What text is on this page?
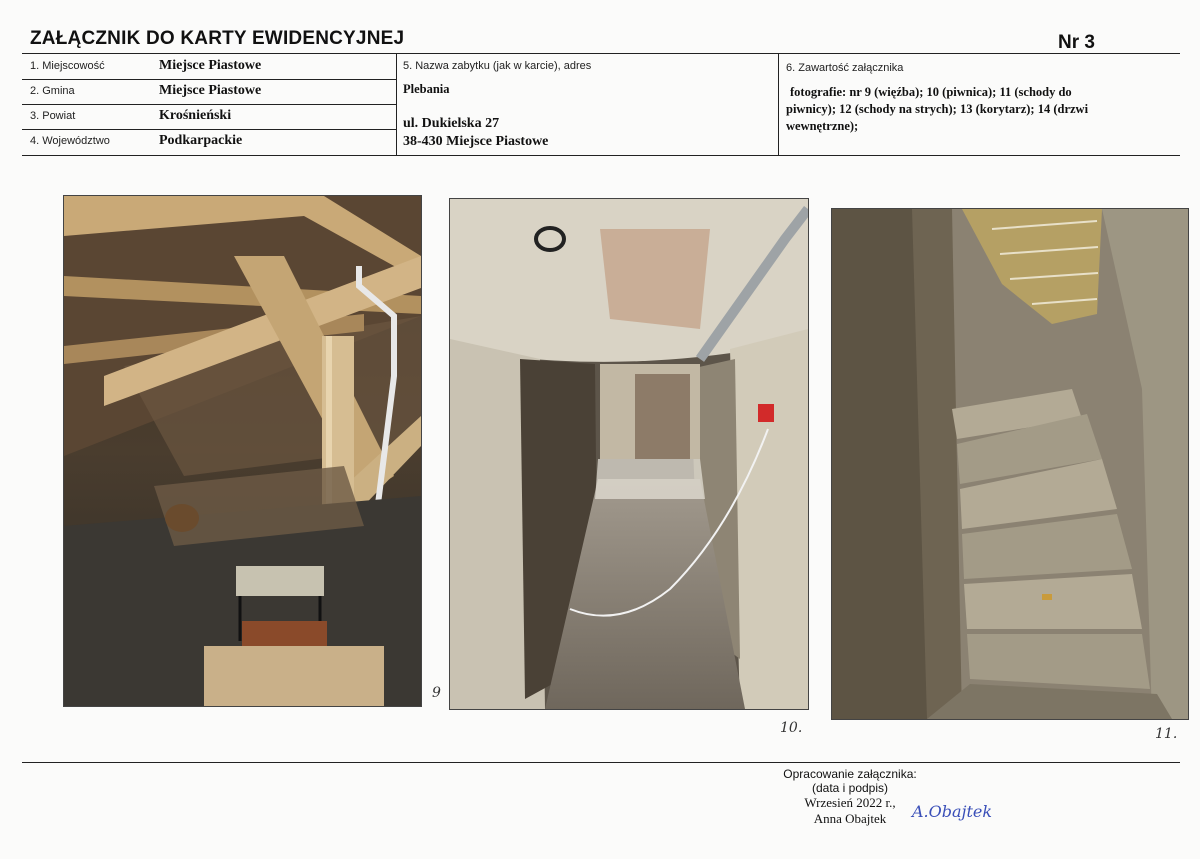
ZAŁĄCZNIK DO KARTY EWIDENCYJNEJ	Nr 3
1. Miejscowość	Miejsce Piastowe
2. Gmina	Miejsce Piastowe
3. Powiat	Krośnieński
4. Województwo	Podkarpackie
5. Nazwa zabytku (jak w karcie), adres
Plebania
ul. Dukielska 27
38-430 Miejsce Piastowe
6. Zawartość załącznika
fotografie: nr 9 (więźba); 10 (piwnica); 11 (schody do
piwnicy); 12 (schody na strych); 13 (korytarz); 14 (drzwi
wewnętrzne);
9
10.	11.
Opracowanie załącznika:
(data i podpis)
Wrzesień 2022 r.,
Anna Obajtek	A.Obajtek
